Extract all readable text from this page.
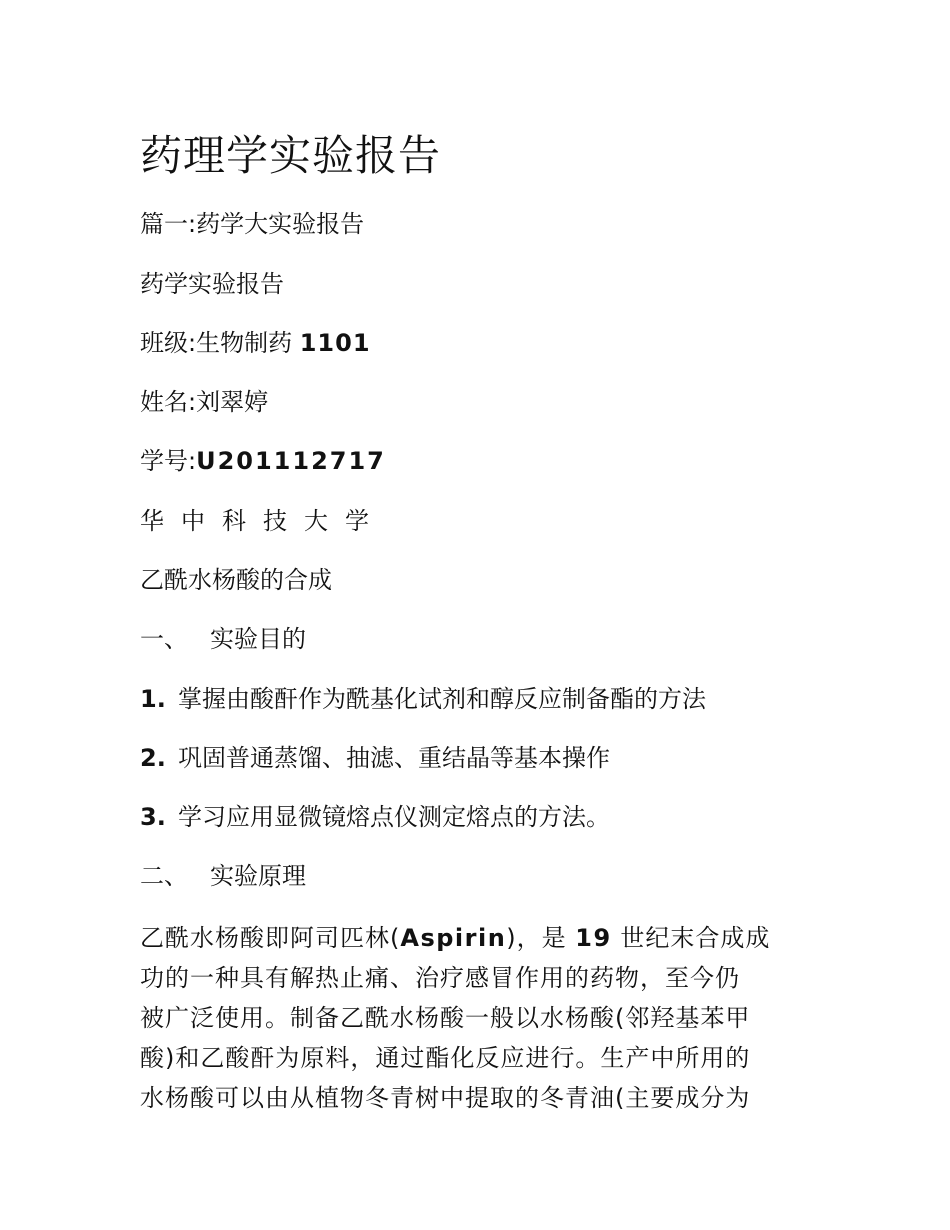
药理学实验报告

篇一:药学大实验报告

药学实验报告

班级:生物制药 1101

姓名:刘翠婷

学号:U201112717

华中科技大学

乙酰水杨酸的合成

一、 实验目的

1. 掌握由酸酐作为酰基化试剂和醇反应制备酯的方法

2. 巩固普通蒸馏、抽滤、重结晶等基本操作

3. 学习应用显微镜熔点仪测定熔点的方法。

二、 实验原理

乙酰水杨酸即阿司匹林(Aspirin)，是 19 世纪末合成成
功的一种具有解热止痛、治疗感冒作用的药物，至今仍
被广泛使用。制备乙酰水杨酸一般以水杨酸(邻羟基苯甲
酸)和乙酸酐为原料，通过酯化反应进行。生产中所用的
水杨酸可以由从植物冬青树中提取的冬青油(主要成分为
